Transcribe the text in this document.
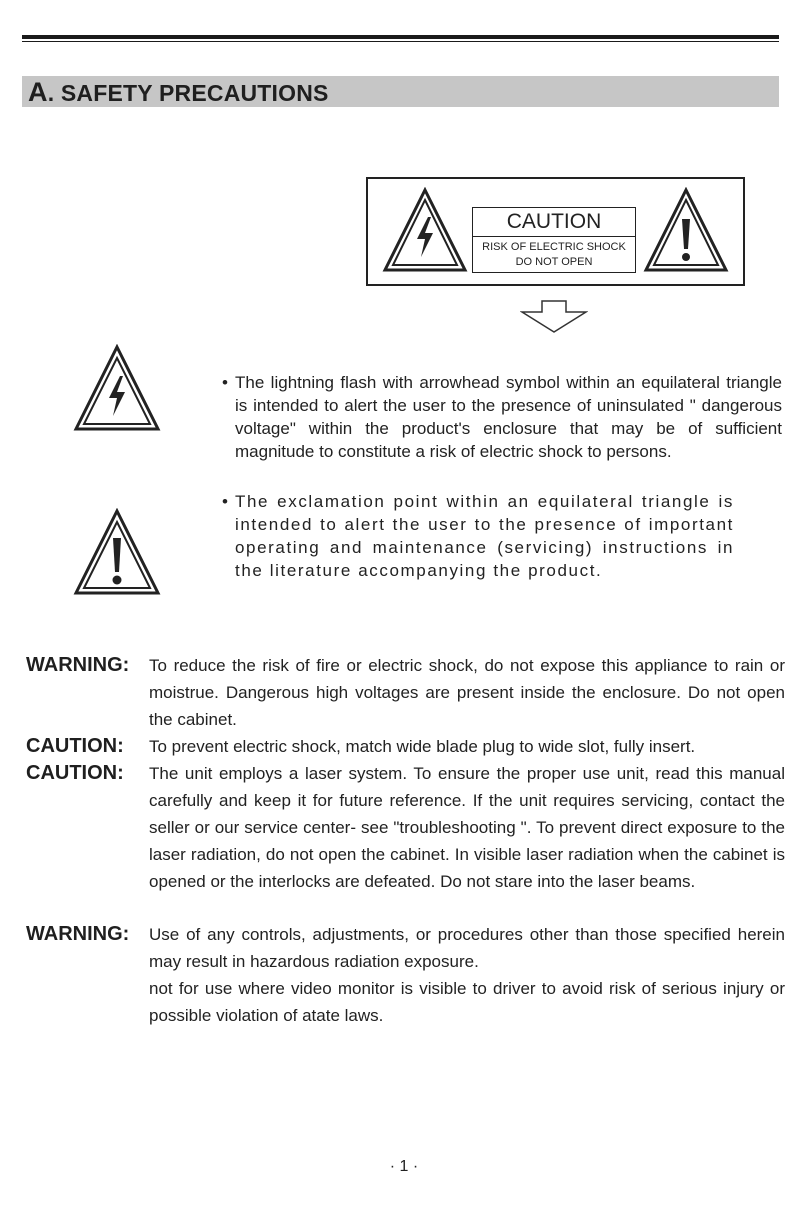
A. SAFETY PRECAUTIONS
CAUTION
RISK OF ELECTRIC SHOCK
DO NOT OPEN
• The lightning flash with arrowhead symbol within an equilateral triangle is intended to alert the user to the presence of uninsulated " dangerous voltage" within the product's enclosure that may be of sufficient magnitude to constitute a risk of electric shock to persons.
• The exclamation point within an equilateral triangle is intended to alert the user to the presence of important operating and maintenance (servicing) instructions in the literature accompanying the product.
WARNING: To reduce the risk of fire or electric shock, do not expose this appliance to rain or moistrue. Dangerous high voltages are present inside the enclosure. Do not open the cabinet.

CAUTION: To prevent electric shock, match wide blade plug to wide slot, fully insert.

CAUTION: The unit employs a laser system. To ensure the proper use unit, read this manual carefully and keep it for future reference. If the unit requires servicing, contact the seller or our service center- see "troubleshooting ". To prevent direct exposure to the laser radiation, do not open the cabinet. In visible laser radiation when the cabinet is opened or the interlocks are defeated. Do not stare into the laser beams.

WARNING: Use of any controls, adjustments, or procedures other than those specified herein may result in hazardous radiation exposure.

not for use where video monitor is visible to driver to avoid risk of serious injury or possible violation of atate laws.

· 1 ·
